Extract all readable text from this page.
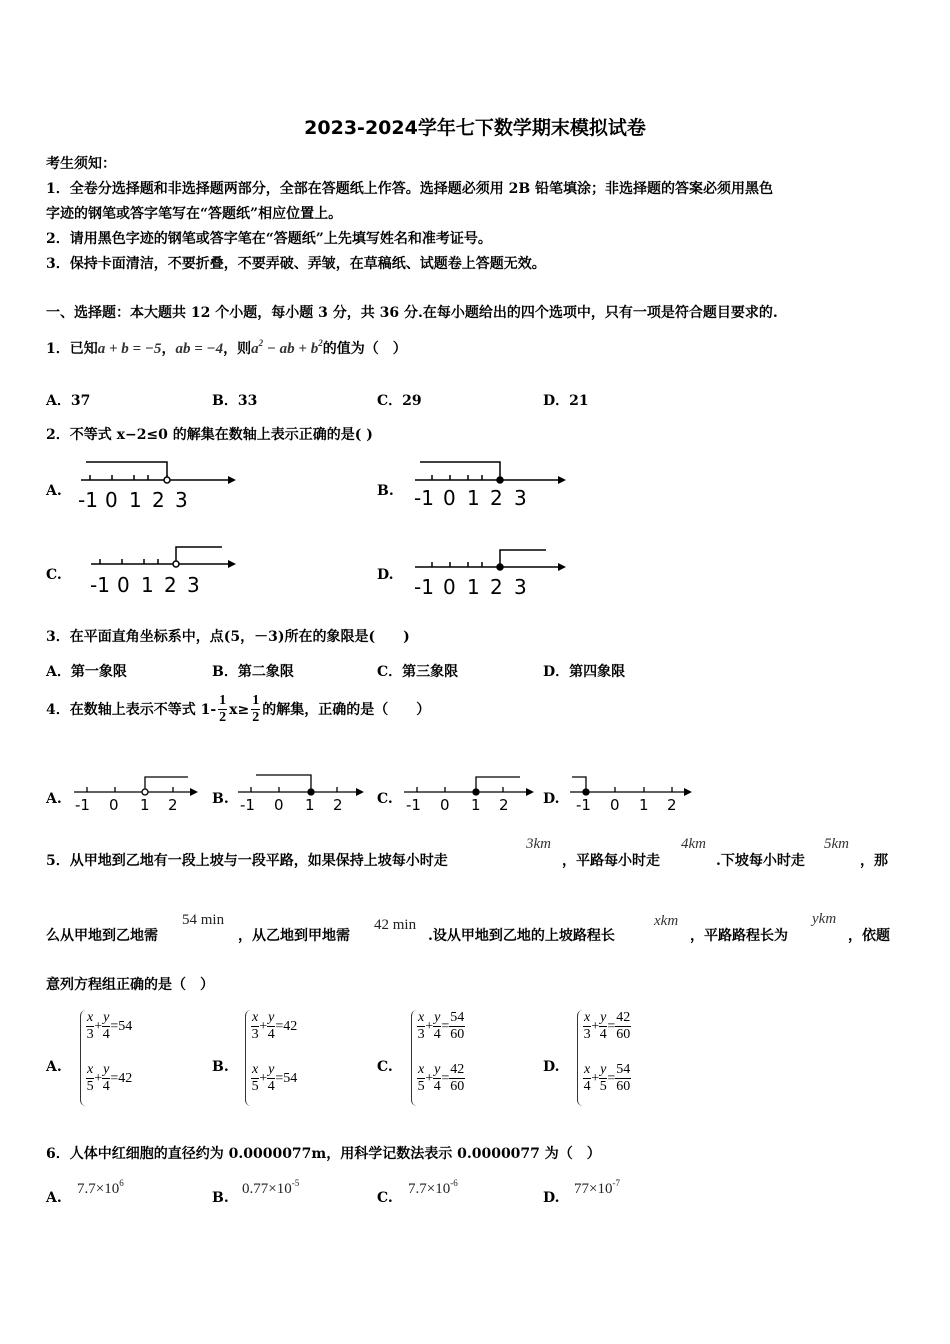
2023-2024学年七下数学期末模拟试卷
考生须知：
1．全卷分选择题和非选择题两部分，全部在答题纸上作答。选择题必须用 2B 铅笔填涂；非选择题的答案必须用黑色
字迹的钢笔或答字笔写在“答题纸”相应位置上。
2．请用黑色字迹的钢笔或答字笔在“答题纸”上先填写姓名和准考证号。
3．保持卡面清洁，不要折叠，不要弄破、弄皱，在草稿纸、试题卷上答题无效。
一、选择题：本大题共 12 个小题，每小题 3 分，共 36 分.在每小题给出的四个选项中，只有一项是符合题目要求的.
1．已知a + b = −5，ab = −4，则$a^2$ − ab + $b^2$的值为（　）
A．37	B．33	C．29	D．21
2．不等式 x−2≤0 的解集在数轴上表示正确的是( )
A. -1 0 1 2 3	B. -1 0 1 2 3
C. -1 0 1 2 3	D. -1 0 1 2 3
3．在平面直角坐标系中，点(5，－3)所在的象限是(　　)
A．第一象限	B．第二象限	C．第三象限	D．第四象限
4．在数轴上表示不等式 $1- \frac{1}{2} x\ge \frac{1}{2}$ 的解集，正确的是（　　）
A. -1 0 1 2 B. -1 0 1 2 C. -1 0 1 2 D. -1 0 1 2
5．从甲地到乙地有一段上坡与一段平路，如果保持上坡每小时走
3km
，平路每小时走
4km
.下坡每小时走
5km
，那
么从甲地到乙地需
54 min
，从乙地到甲地需
42 min
.设从甲地到乙地的上坡路程长
xkm
，平路路程长为
ykm
，依题
意列方程组正确的是（　）
A.
$\frac{x}{3} + \frac{y}{4} =54$
$\frac{x}{5} + \frac{y}{4} =42$
B.
$\frac{x}{3} + \frac{y}{4} =42$
$\frac{x}{5} + \frac{y}{4} =54$
C.
$\frac{x}{3} + \frac{y}{4} = \frac{54}{60}$
$\frac{x}{5} + \frac{y}{4} = \frac{42}{60}$	D.
$\frac{x}{3} + \frac{y}{4} = \frac{42}{60}$
$\frac{x}{4} + \frac{y}{5} = \frac{54}{60}$
6．人体中红细胞的直径约为 0.0000077m，用科学记数法表示 0.0000077 为（　）
A.
$7.7\times 10^6$
B.
$0.77\times 10^{-5}$
C.
$7.7\times 10^{-6}$
D.
$77\times 10^{-7}$
